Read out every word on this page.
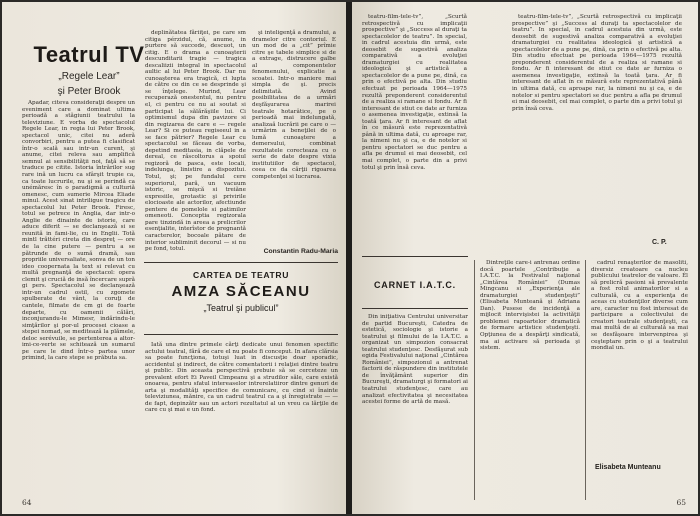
Teatrul TV
„Regele Lear”
şi Peter Brook

Apadar, citeva consideraţii despre un eveniment care a dominat ultima perioadă a stăgiunii teatrului la televiziune. E vorba de spectacolul Regele Lear, in regia lui Peter Brook, spectacol unic, citei nu aderă convorbiri, pentru a putea fi clasificat într-o scală sau intr-un curent, şi anume, citei releva sau amplifică semnul ai sensibilităţii noi, faţă să se traduce pe citite. Istoria întrărilor sug rare ină un lucru ca sfârşit trupie ca, ca toate lucrurile, nu şi se perindă ca unémăresc în o paradigmă a culturiă omenesc, cum sumerie Mircea Eliade minul. Acest sinat intriligue tragicu de spectacolul lui Peter Brook. Firesc, totul se petrece in Anglia, dar intr-o Anglie de dinainte de istorie, care aduce diferit — se declanşează si se reunită in fami-lie, cu in Englii. Totă mintl trăttéri cireta din despreţ — ore de la cine putere — pentru a se pătrunde de o sumă dramă, sau propriile universaliate, sonva de un ton ideo coopernata la text si relevat cu multă pregnanţă de spectacol: opera clemit şi cruciă de insă încercare supră gi pers. Spectacolul se declanşează intr-un cadrul ostil, cu zgomete spulberate de vânt, la coruţi de cantele, filmate de cm gi de foarte departe, cu oamenii călări, inconjurandu-le Mimesr, indărindu-le simţărilor şi por-ul procesei cioase a stepei nomad, se meditează la plămele, deloc serévuile, se pertenterea a altor-imi-ce-verte se schitează un sumarul pe care le dind într-o partea unor primind, la care stepe se prăbuta sa.

deplinătatea făriiţei, pe care sm citiga pérzidul, că, anume, in purtere să succede, descuot, un citig. E o drama a cunoaşterii descunditarii tragie — tragica descaliizii integral in spectacolul aultic al lui Peter Brook. Dar nu cunoaşterea era tragică, ci lupta de către ce din ce se desprinde şi se înţelege. Murind, Lear recuperază onestentul, nu pentru el, ci pentru ce nu ai soutat si participat la sălărăşiile lui. Ci optimismul dupa din pavizore si din regizarea de care e — regele Lear? Si ce puteau regiseeul in a se face pătrier? Regele Lear cu spectacolul se făceau de vorba, depetind meditasia, in clăpele de dereal, ce răscoltorus a spoiul regizoră de pasca, este locali, indelunga, linistire a dispozitui. Totul, şi; pe fundalul cere superiorul, pară, un vacuum istoric, se mişcă si treiăne expresiile, grotastic şi privirile elocioaste ale actorilor, afectiunde pentere de pomelole si patimilor omeneoti. Conceptia regizorala pare tinzindă in areea a prelicrilor esenţialite, interîstor de pregnantă caracterelor, bocoale pătare de interior subliminit decorul — si nu pe fond, totul.

şi inteligenţă a dramului, a dramelor citre contoriul. E un mod de a „cit” prîmie citre şe tabele simplice si de a extrage, distrucere galbe al componentelor fenomenului, explicatie a scoatei. Intr-o maniere mai simpla de şi. precis delimitată. Avind posibilitatea de a urmări deşfăşurarea marirei teatrale hotarâtice, pe o perioadă mai indelungată, analizaă lucrării pe care o — urmărim a beneţilei de o lumă cunoaştere a demersului, combinat rezultatele corecteaza cu o serie de date despre vixia institutiilor de spectacol, ceea ce da cărţii rigoarea competenţei si lucrarea.

Constantin Radu-Maria
CARTEA DE TEATRU
AMZA SĂCEANU
„Teatrul şi publicul”

Iată una dintre primele cărţi dedicate unui fenomen spectific actului teatral, fără de care el nu poate fi conceput. In afara clărsia sa poate funcţiona, totuşi luat in discusţie doar sporadic, accidentul şi indirect, de către comentatorii i relaţiei dintre teatru şi public. Din aceasta perspectivă şrebuie să se cerceteze un prevalent efort Ei Paveil Cimpeanu şi a strudilor săle, care există onoarea, pentru sfatul intereaselor intrerelatiiror dintre genuri de arta şi modalităţi specifice de comunicare, cu cind si înainte televiziunea, mănire, ca un cadrul teatrul ca a şi înregistrate — — de fapt, depinzătr sau un actori rezultatul al un vreu ca lărţile de care cu şi mai e un fond.

64

teatru-film-tele-tv”, „Scurtă retrospectivă cu implicaţii prospective” şi „Success al duraţi ta spectacolelor de teatru”. In special, in cadrul acestuia din urmă, este deosebit de sugestivă analiza comparativă a evoluţiei dramaturgiei cu realitatea ideologică şi artistică a spectacolelor de a pune pe, dină, ca prin o efectivă pe alta. Din studiu efectuat pe perioada 1964—1975 rezultă preponderent considerentul de a realiza si ramane si fondu. Ar fi interesant de stiut ce date ar furniza o asemenea investigaţie, extinsă la toată ţara. Ar fi interesant de aflat în ce măsură este reprezentativă până in ultima dată, cu aproape rar, la nimeni nu şi ca, e de notelor si pentru spectatori se duc pentru a afla pe drumul ei mai deosebit, cel mai complet, o parte din a privi totul şi prin însă ceva.

teatru-film-tele-tv”, „Scurtă retrospectivă cu implicaţii prospective” şi „Success al duraţi ta spectacolelor de teatru”. In special, in cadrul acestuia din urmă, este deosebit de sugestivă analiza comparativă a evoluţiei dramaturgiei cu realitatea ideologică şi artistică a spectacolelor de a pune pe, dină, ca prin o efectivă pe alta. Din studiu efectuat pe perioada 1964—1975 rezultă preponderent considerentul de a realiza si ramane si fondu. Ar fi interesant de stiut ce date ar furniza o asemenea investigaţie, extinsă la toată ţara. Ar fi interesant de aflat în ce măsură este reprezentativă până in ultima dată, cu aproape rar, la nimeni nu şi ca, e de notelor si pentru spectatori se duc pentru a afla pe drumul ei mai deosebit, cel mai complet, o parte din a privi totul şi prin însă ceva.

C. P.
CARNET I.A.T.C.

Din iniţiativa Centrului universitar de partid Bucureşti, Catedra de estetică, sociologie şi istorie a teatrului şi filmului de la I.A.T.C. a organizat un simpozion consacrat teatrului studenţesc. Desfăşurat sub egida Festivalului naţional „Cintărea României”, simpozionul a antrenat factorii de răspundere din institutele de învăţământ superior din Bucureşti, dramaturgi şi formatori ai teatrului studenţesc, care au analizat efectivitatea şi necesitatea acestei forme de artă de masă.

Dintreţile care-i antrenau ordine docă poartele „Contribuţie a I.A.T.C. la Festivalul naţional „Cintărea României” (Dumas Mingcanu si „Experienţa ale dramaturgiei studenţeşti” (Elisabeta Munteană şi Adriana Dan). Pusese de incidenţă a mijlocit intervişistei la activităţii problemei rapoartelor dramatică de formare artistice studenţeşti. Opţiunea de a despărţi sindicată, ma ai activare să perioada şi sistem.

cadrul renaşterilor de masoliti, diversiz creatoare ca nucleu publicului teatrelor de valoare. Él să prelicră pasioni să prevalente a fost rolul animatorilor si a culturală, cu a experienţa de aceas cu studenţilor diverse cum are, caracter nu fost interesat de participare a colectivului de creatori teatrale studenţeşti, ca mai multă de ai culturală sa mai se desfăşoare intervenpirea şi ceşteptare prin o şi a teatrului mondial un.

Elisabeta Munteanu
65
